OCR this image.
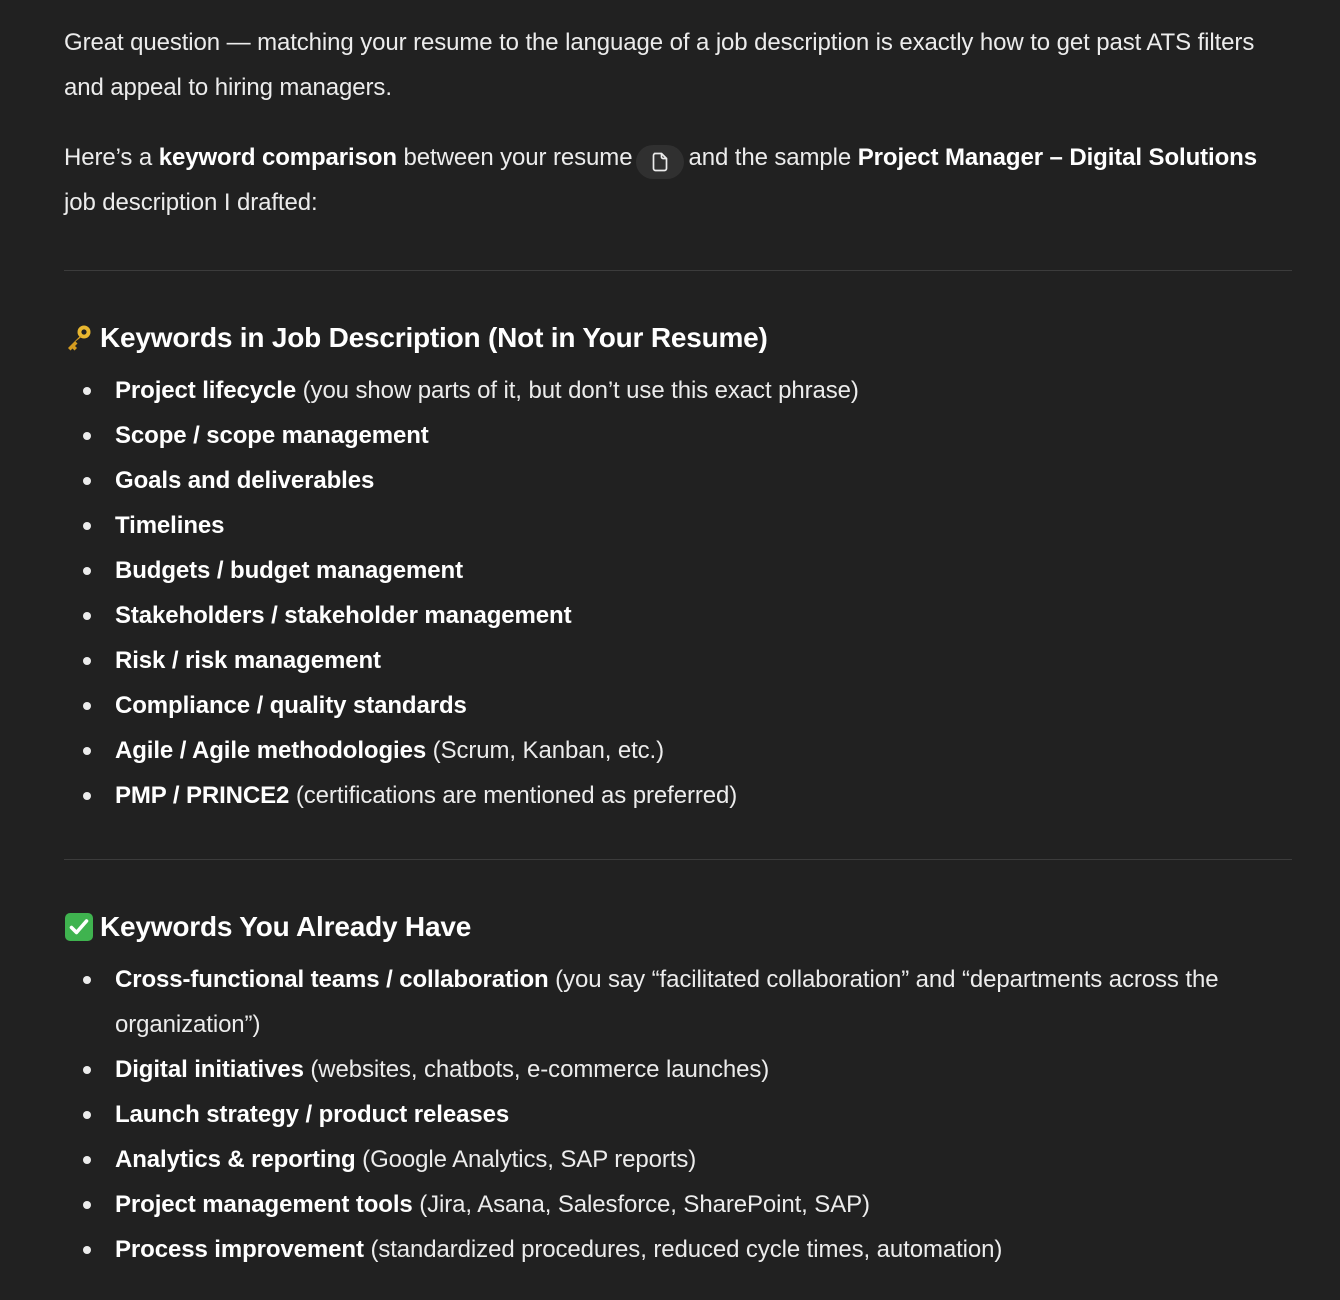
Great question — matching your resume to the language of a job description is exactly how to get past ATS filters and appeal to hiring managers.

Here’s a keyword comparison between your resume and the sample Project Manager – Digital Solutions job description I drafted:

Keywords in Job Description (Not in Your Resume)
Project lifecycle (you show parts of it, but don’t use this exact phrase)
Scope / scope management
Goals and deliverables
Timelines
Budgets / budget management
Stakeholders / stakeholder management
Risk / risk management
Compliance / quality standards
Agile / Agile methodologies (Scrum, Kanban, etc.)
PMP / PRINCE2 (certifications are mentioned as preferred)
Keywords You Already Have
Cross-functional teams / collaboration (you say “facilitated collaboration” and “departments across the organization”)
Digital initiatives (websites, chatbots, e-commerce launches)
Launch strategy / product releases
Analytics & reporting (Google Analytics, SAP reports)
Project management tools (Jira, Asana, Salesforce, SharePoint, SAP)
Process improvement (standardized procedures, reduced cycle times, automation)
